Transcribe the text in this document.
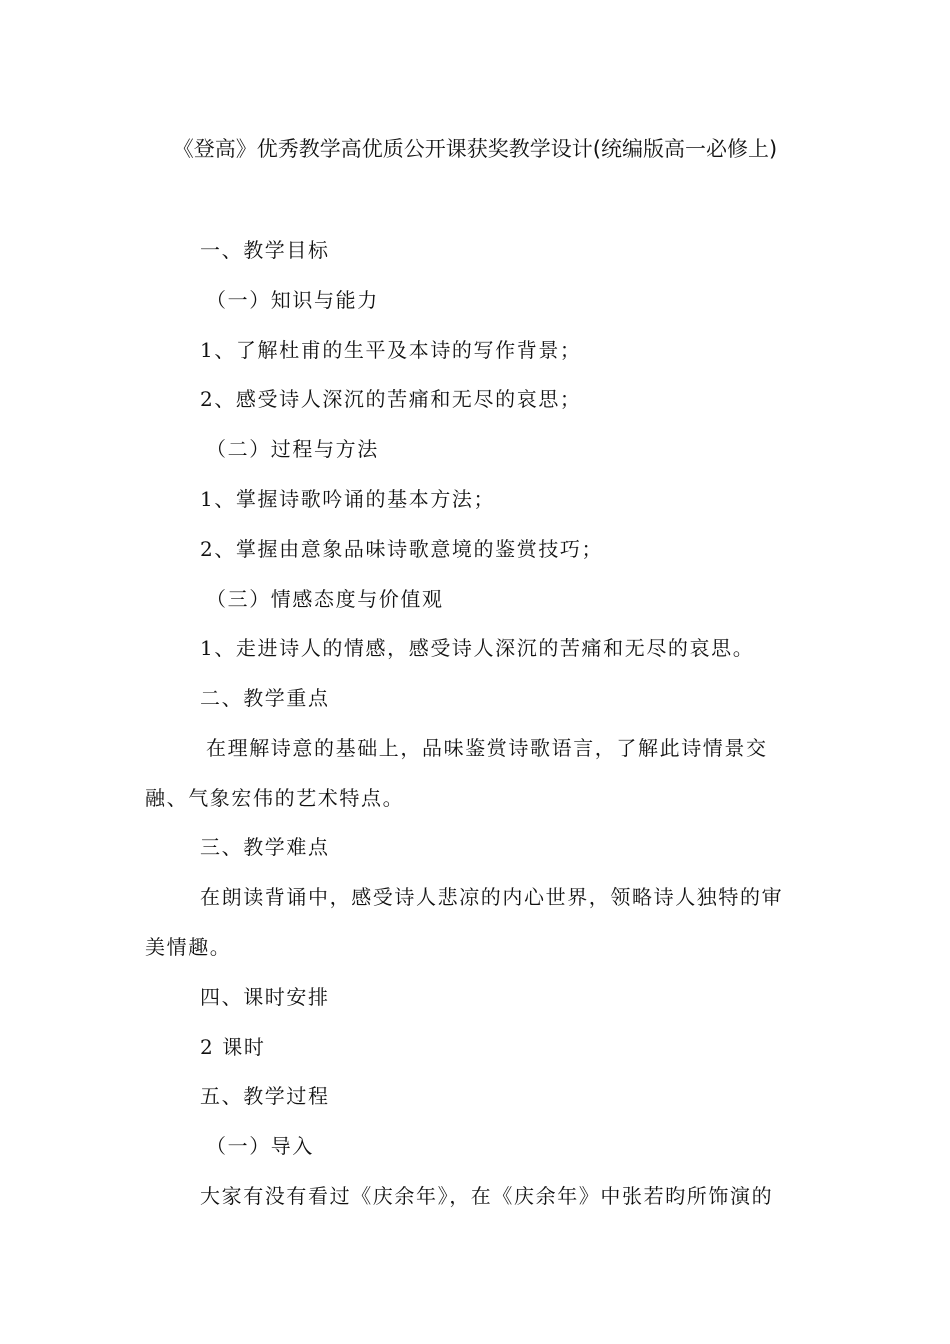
《登高》优秀教学高优质公开课获奖教学设计(统编版高一必修上)
一、教学目标
（一）知识与能力
1、了解杜甫的生平及本诗的写作背景；
2、感受诗人深沉的苦痛和无尽的哀思；
（二）过程与方法
1、掌握诗歌吟诵的基本方法；
2、掌握由意象品味诗歌意境的鉴赏技巧；
（三）情感态度与价值观
1、走进诗人的情感，感受诗人深沉的苦痛和无尽的哀思。
二、教学重点
在理解诗意的基础上，品味鉴赏诗歌语言，了解此诗情景交
融、气象宏伟的艺术特点。
三、教学难点
在朗读背诵中，感受诗人悲凉的内心世界，领略诗人独特的审
美情趣。
四、课时安排
2 课时
五、教学过程
（一）导入
大家有没有看过《庆余年》，在《庆余年》中张若昀所饰演的
